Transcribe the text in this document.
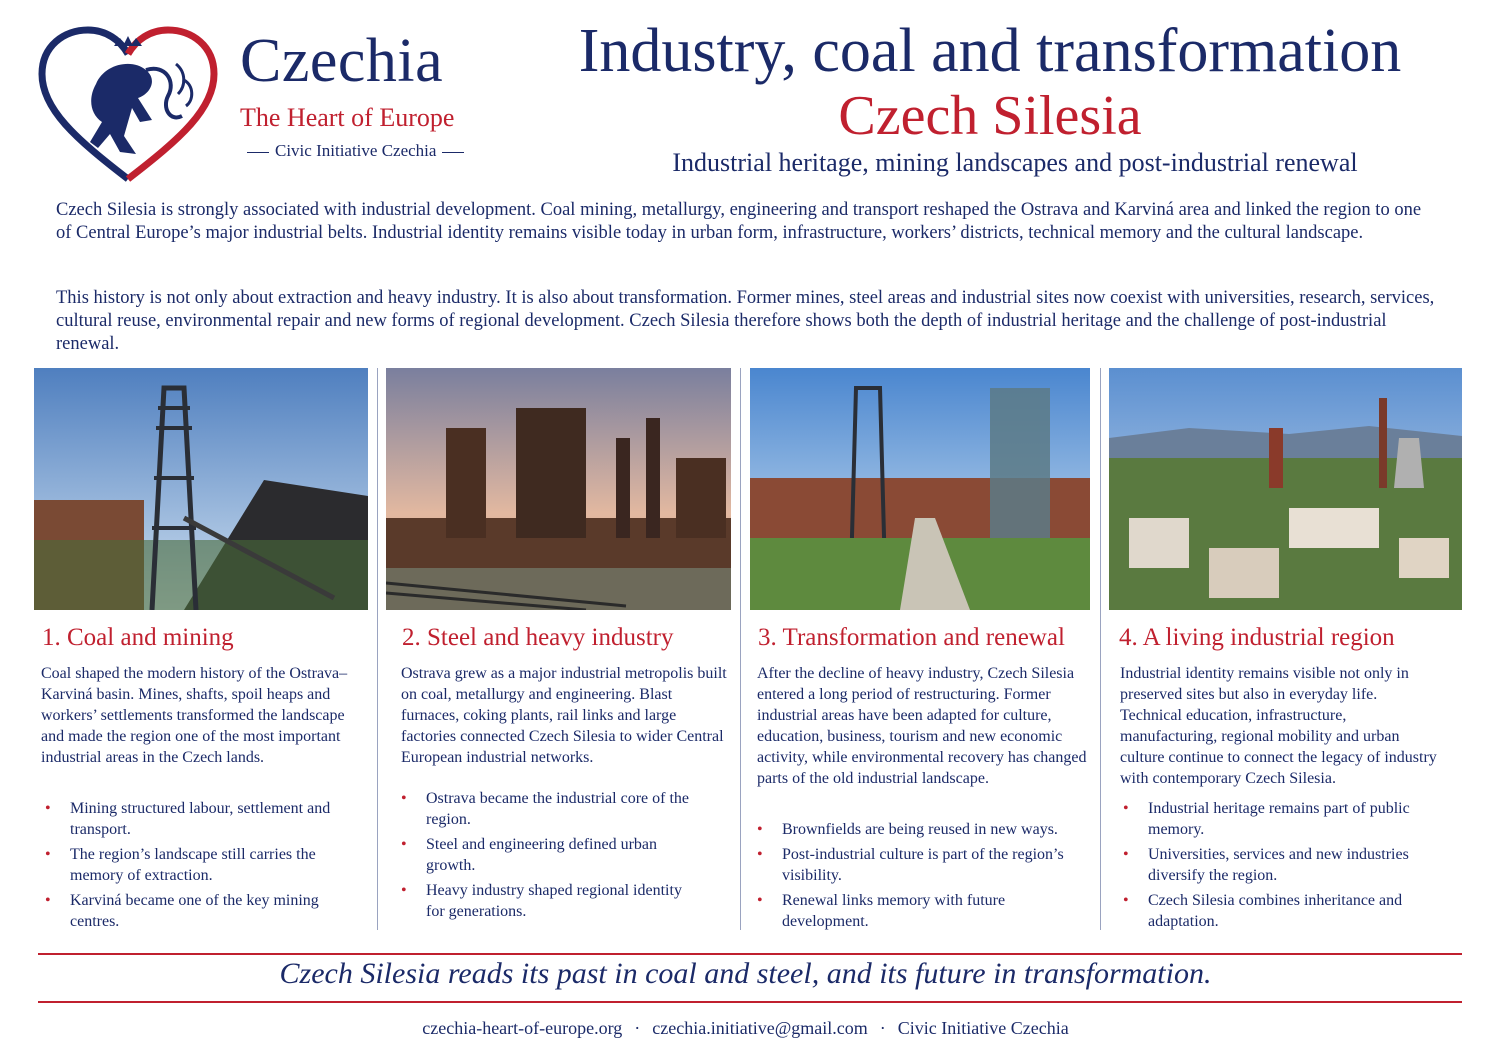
Czechia
The Heart of Europe
Civic Initiative Czechia
Industry, coal and transformation
Czech Silesia
Industrial heritage, mining landscapes and post-industrial renewal

Czech Silesia is strongly associated with industrial development. Coal mining, metallurgy, engineering and transport reshaped the Ostrava and Karviná area and linked the region to one of Central Europe’s major industrial belts. Industrial identity remains visible today in urban form, infrastructure, workers’ districts, technical memory and the cultural landscape.

This history is not only about extraction and heavy industry. It is also about transformation. Former mines, steel areas and industrial sites now coexist with universities, research, services, cultural reuse, environmental repair and new forms of regional development. Czech Silesia therefore shows both the depth of industrial heritage and the challenge of post-industrial renewal.

1. Coal and mining

Coal shaped the modern history of the Ostrava–Karviná basin. Mines, shafts, spoil heaps and workers’ settlements transformed the landscape and made the region one of the most important industrial areas in the Czech lands.

• Mining structured labour, settlement and transport.
• The region’s landscape still carries the memory of extraction.
• Karviná became one of the key mining centres.
2. Steel and heavy industry

Ostrava grew as a major industrial metropolis built on coal, metallurgy and engineering. Blast furnaces, coking plants, rail links and large factories connected Czech Silesia to wider Central European industrial networks.

• Ostrava became the industrial core of the region.
• Steel and engineering defined urban growth.
• Heavy industry shaped regional identity for generations.
3. Transformation and renewal

After the decline of heavy industry, Czech Silesia entered a long period of restructuring. Former industrial areas have been adapted for culture, education, business, tourism and new economic activity, while environmental recovery has changed parts of the old industrial landscape.

• Brownfields are being reused in new ways.
• Post-industrial culture is part of the region’s visibility.
• Renewal links memory with future development.
4. A living industrial region

Industrial identity remains visible not only in preserved sites but also in everyday life. Technical education, infrastructure, manufacturing, regional mobility and urban culture continue to connect the legacy of industry with contemporary Czech Silesia.

• Industrial heritage remains part of public memory.
• Universities, services and new industries diversify the region.
• Czech Silesia combines inheritance and adaptation.
Czech Silesia reads its past in coal and steel, and its future in transformation.
czechia-heart-of-europe.org · czechia.initiative@gmail.com · Civic Initiative Czechia
